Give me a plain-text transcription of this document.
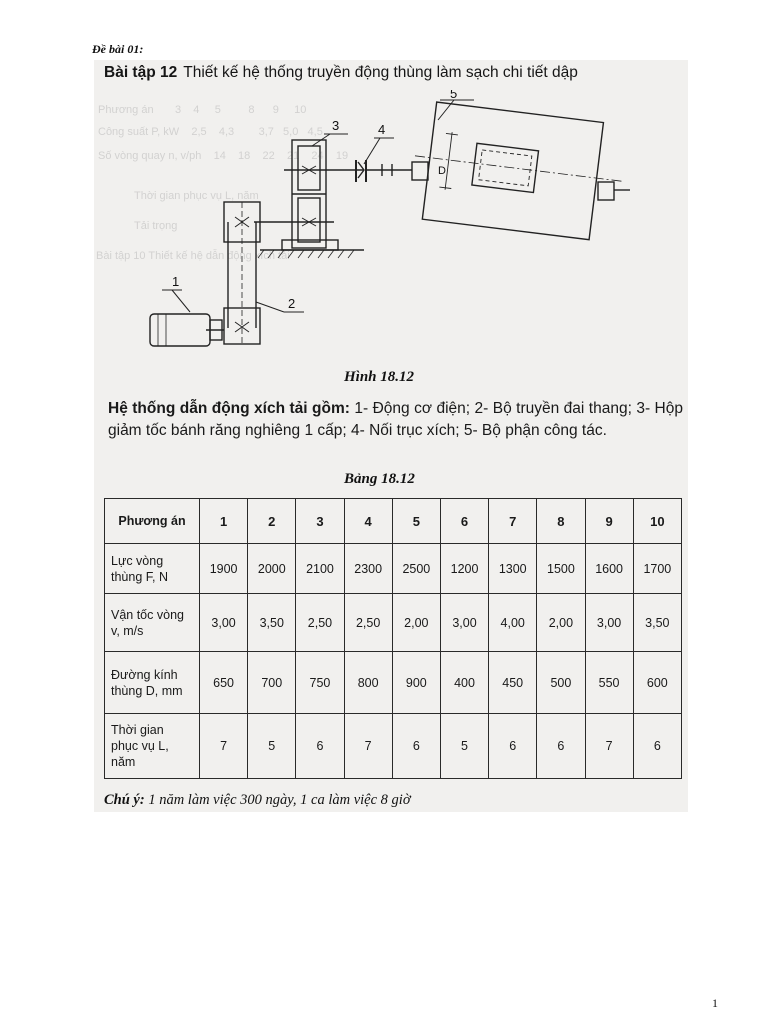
Đề bài 01:
Phương án       3    4     5         8      9     10
Công suất P, kW    2,5    4,3        3,7   5,0   4,5
Số vòng quay n, v/ph    14    18    22    21    24    19
Thời gian phục vụ L, năm
Tải trọng
Bài tập 10 Thiết kế hệ dẫn động xích tải
Bài tập 12 Thiết kế hệ thống truyền động thùng làm sạch chi tiết dập
1
2
3	4
5
D
Hình 18.12
Hệ thống dẫn động xích tải gồm: 1- Động cơ điện; 2- Bộ truyền đai thang; 3- Hộp giảm tốc bánh răng nghiêng 1 cấp; 4- Nối trục xích; 5- Bộ phận công tác.
Bảng 18.12
Phương án	1	2	3	4	5	6	7	8	9	10
Lực vòng thùng F, N	1900	2000	2100	2300	2500	1200	1300	1500	1600	1700
Vận tốc vòng v, m/s	3,00	3,50	2,50	2,50	2,00	3,00	4,00	2,00	3,00	3,50
Đường kính thùng D, mm	650	700	750	800	900	400	450	500	550	600
Thời gian phục vụ L, năm	7	5	6	7	6	5	6	6	7	6
Chú ý: 1 năm làm việc 300 ngày, 1 ca làm việc 8 giờ
1
